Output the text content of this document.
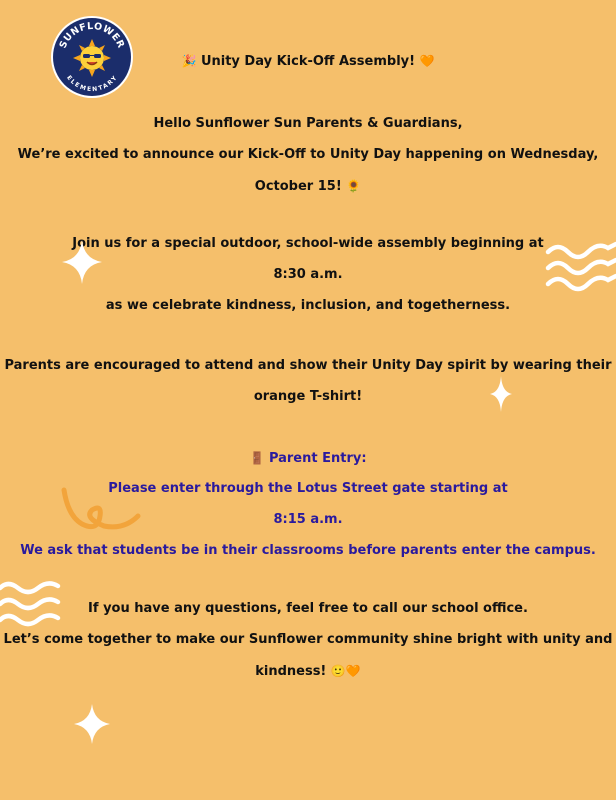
SUNFLOWER
ELEMENTARY
🎉 Unity Day Kick-Off Assembly! 🧡
Hello Sunflower Sun Parents & Guardians,
We’re excited to announce our Kick-Off to Unity Day happening on Wednesday,
October 15! 🌻
Join us for a special outdoor, school-wide assembly beginning at
8:30 a.m.
as we celebrate kindness, inclusion, and togetherness.
Parents are encouraged to attend and show their Unity Day spirit by wearing their
orange T-shirt!
🚪 Parent Entry:
Please enter through the Lotus Street gate starting at
8:15 a.m.
We ask that students be in their classrooms before parents enter the campus.
If you have any questions, feel free to call our school office.
Let’s come together to make our Sunflower community shine bright with unity and
kindness! 🙂🧡
